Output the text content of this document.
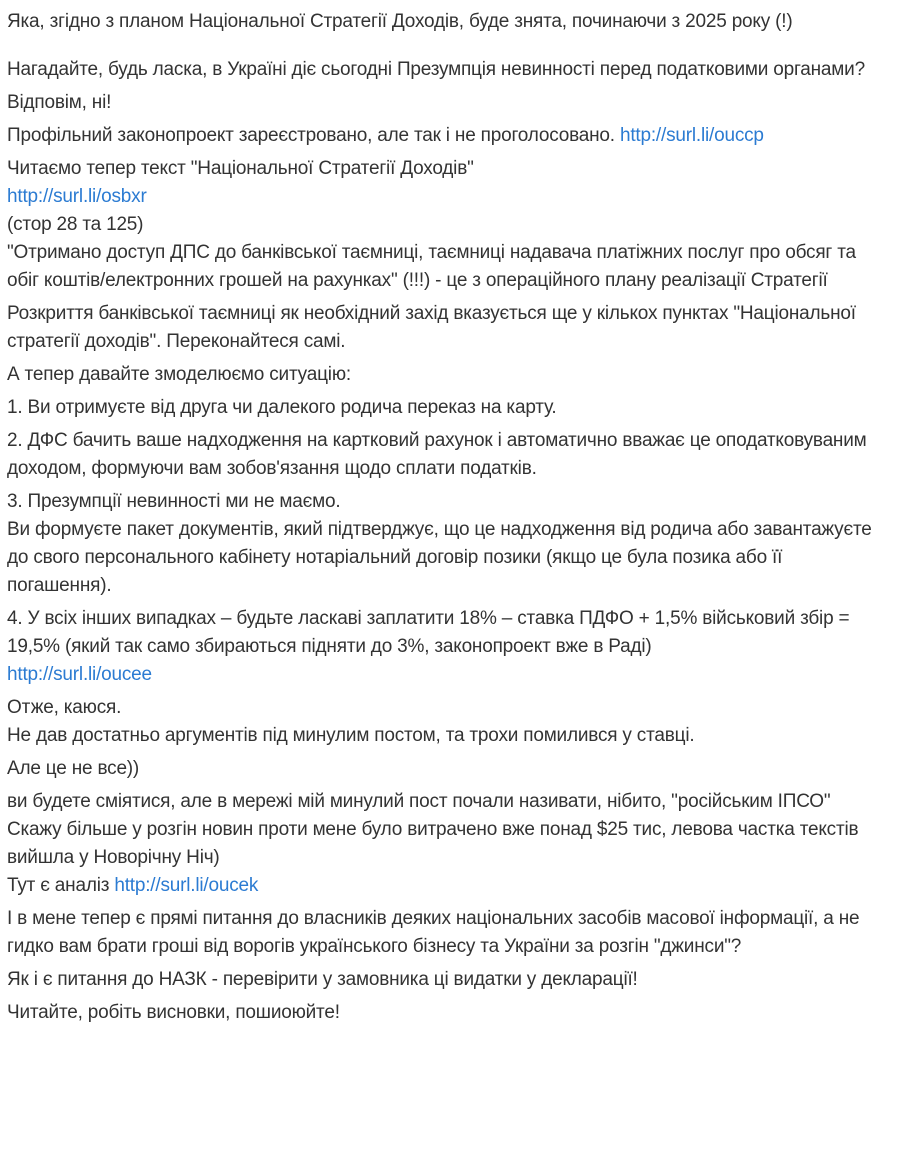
Яка, згідно з планом Національної Стратегії Доходів, буде знята, починаючи з 2025 року (!)

Нагадайте, будь ласка, в Україні діє сьогодні Презумпція невинності перед податковими органами?

Відповім, ні!

Профільний законопроект зареєстровано, але так і не проголосовано. http://surl.li/ouccp

Читаємо тепер текст "Національної Стратегії Доходів"
http://surl.li/osbxr
(стор 28 та 125)
"Отримано доступ ДПС до банківської таємниці, таємниці надавача платіжних послуг про обсяг та обіг коштів/електронних грошей на рахунках" (!!!) - це з операційного плану реалізації Стратегії

Розкриття банківської таємниці як необхідний захід вказується ще у кількох пунктах "Національної стратегії доходів". Переконайтеся самі.

А тепер давайте змоделюємо ситуацію:

1. Ви отримуєте від друга чи далекого родича переказ на карту.

2. ДФС бачить ваше надходження на картковий рахунок і автоматично вважає це оподатковуваним доходом, формуючи вам зобов'язання щодо сплати податків.

3. Презумпції невинності ми не маємо.
Ви формуєте пакет документів, який підтверджує, що це надходження від родича або завантажуєте до свого персонального кабінету нотаріальний договір позики (якщо це була позика або її погашення).

4. У всіх інших випадках – будьте ласкаві заплатити 18% – ставка ПДФО + 1,5% військовий збір = 19,5% (який так само збираються підняти до 3%, законопроект вже в Раді)
http://surl.li/oucee

Отже, каюся.
Не дав достатньо аргументів під минулим постом, та трохи помилився у ставці.

Але це не все))

ви будете сміятися, але в мережі мій минулий пост почали називати, нібито, "російським ІПСО"
Скажу більше у розгін новин проти мене було витрачено вже понад $25 тис, левова частка текстів вийшла у Новорічну Ніч)
Тут є аналіз http://surl.li/oucek

І в мене тепер є прямі питання до власників деяких національних засобів масової інформації, а не гидко вам брати гроші від ворогів українського бізнесу та України за розгін "джинси"?

Як і є питання до НАЗК - перевірити у замовника ці видатки у декларації!

Читайте, робіть висновки, пошиоюйте!
